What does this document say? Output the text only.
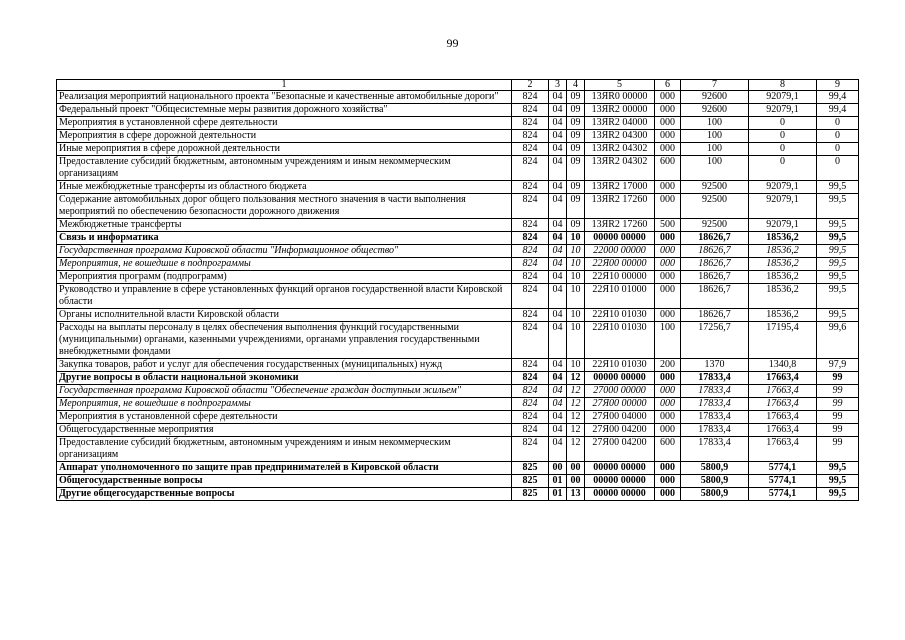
99
1	2	3	4	5	6	7	8	9
Реализация мероприятий национального проекта "Безопасные и качественные автомобильные дороги"	824	04	09	13ЯR0 00000	000	92600	92079,1	99,4
Федеральный проект "Общесистемные меры развития дорожного хозяйства"	824	04	09	13ЯR2 00000	000	92600	92079,1	99,4
Мероприятия в установленной сфере деятельности	824	04	09	13ЯR2 04000	000	100	0	0
Мероприятия в сфере дорожной деятельности	824	04	09	13ЯR2 04300	000	100	0	0
Иные мероприятия в сфере дорожной деятельности	824	04	09	13ЯR2 04302	000	100	0	0
Предоставление субсидий бюджетным, автономным учреждениям и иным некоммерческим организациям	824	04	09	13ЯR2 04302	600	100	0	0
Иные межбюджетные трансферты из областного бюджета	824	04	09	13ЯR2 17000	000	92500	92079,1	99,5
Содержание автомобильных дорог общего пользования местного значения в части выполнения мероприятий по обеспечению безопасности дорожного движения	824	04	09	13ЯR2 17260	000	92500	92079,1	99,5
Межбюджетные трансферты	824	04	09	13ЯR2 17260	500	92500	92079,1	99,5
Связь и информатика	824	04	10	00000 00000	000	18626,7	18536,2	99,5
Государственная программа Кировской области "Информационное общество"	824	04	10	22000 00000	000	18626,7	18536,2	99,5
Мероприятия, не вошедшие в подпрограммы	824	04	10	22Я00 00000	000	18626,7	18536,2	99,5
Мероприятия программ (подпрограмм)	824	04	10	22Я10 00000	000	18626,7	18536,2	99,5
Руководство и управление в сфере установленных функций органов государственной власти Кировской области	824	04	10	22Я10 01000	000	18626,7	18536,2	99,5
Органы исполнительной власти Кировской области	824	04	10	22Я10 01030	000	18626,7	18536,2	99,5
Расходы на выплаты персоналу в целях обеспечения выполнения функций государственными (муниципальными) органами, казенными учреждениями, органами управления государственными внебюджетными фондами	824	04	10	22Я10 01030	100	17256,7	17195,4	99,6
Закупка товаров, работ и услуг для обеспечения государственных (муниципальных) нужд	824	04	10	22Я10 01030	200	1370	1340,8	97,9
Другие вопросы в области национальной экономики	824	04	12	00000 00000	000	17833,4	17663,4	99
Государственная программа Кировской области "Обеспечение граждан доступным жильем"	824	04	12	27000 00000	000	17833,4	17663,4	99
Мероприятия, не вошедшие в подпрограммы	824	04	12	27Я00 00000	000	17833,4	17663,4	99
Мероприятия в установленной сфере деятельности	824	04	12	27Я00 04000	000	17833,4	17663,4	99
Общегосударственные мероприятия	824	04	12	27Я00 04200	000	17833,4	17663,4	99
Предоставление субсидий бюджетным, автономным учреждениям и иным некоммерческим организациям	824	04	12	27Я00 04200	600	17833,4	17663,4	99
Аппарат уполномоченного по защите прав предпринимателей в Кировской области	825	00	00	00000 00000	000	5800,9	5774,1	99,5
Общегосударственные вопросы	825	01	00	00000 00000	000	5800,9	5774,1	99,5
Другие общегосударственные вопросы	825	01	13	00000 00000	000	5800,9	5774,1	99,5
